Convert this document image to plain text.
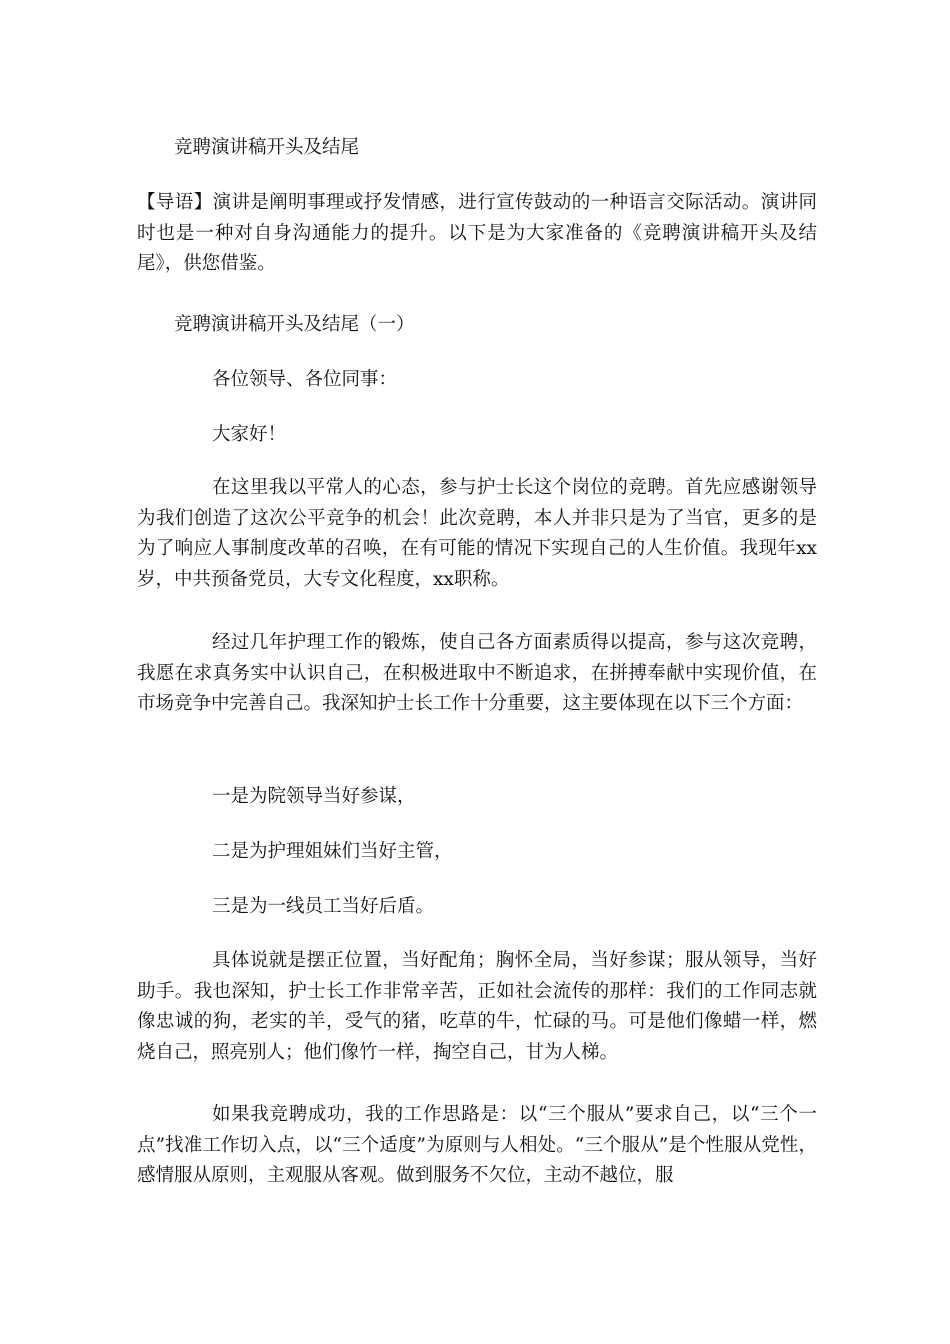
竞聘演讲稿开头及结尾

【导语】演讲是阐明事理或抒发情感，进行宣传鼓动的一种语言交际活动。演讲同时也是一种对自身沟通能力的提升。以下是为大家准备的《竞聘演讲稿开头及结尾》，供您借鉴。

竞聘演讲稿开头及结尾（一）

各位领导、各位同事：

大家好！

在这里我以平常人的心态，参与护士长这个岗位的竞聘。首先应感谢领导为我们创造了这次公平竞争的机会！此次竞聘，本人并非只是为了当官，更多的是为了响应人事制度改革的召唤，在有可能的情况下实现自己的人生价值。我现年xx岁，中共预备党员，大专文化程度，xx职称。

经过几年护理工作的锻炼，使自己各方面素质得以提高，参与这次竞聘，我愿在求真务实中认识自己，在积极进取中不断追求，在拼搏奉献中实现价值，在市场竞争中完善自己。我深知护士长工作十分重要，这主要体现在以下三个方面：

一是为院领导当好参谋，

二是为护理姐妹们当好主管，

三是为一线员工当好后盾。

具体说就是摆正位置，当好配角；胸怀全局，当好参谋；服从领导，当好助手。我也深知，护士长工作非常辛苦，正如社会流传的那样：我们的工作同志就像忠诚的狗，老实的羊，受气的猪，吃草的牛，忙碌的马。可是他们像蜡一样，燃烧自己，照亮别人；他们像竹一样，掏空自己，甘为人梯。

如果我竞聘成功，我的工作思路是：以“三个服从”要求自己，以“三个一点”找准工作切入点，以“三个适度”为原则与人相处。“三个服从”是个性服从党性，感情服从原则，主观服从客观。做到服务不欠位，主动不越位，服
